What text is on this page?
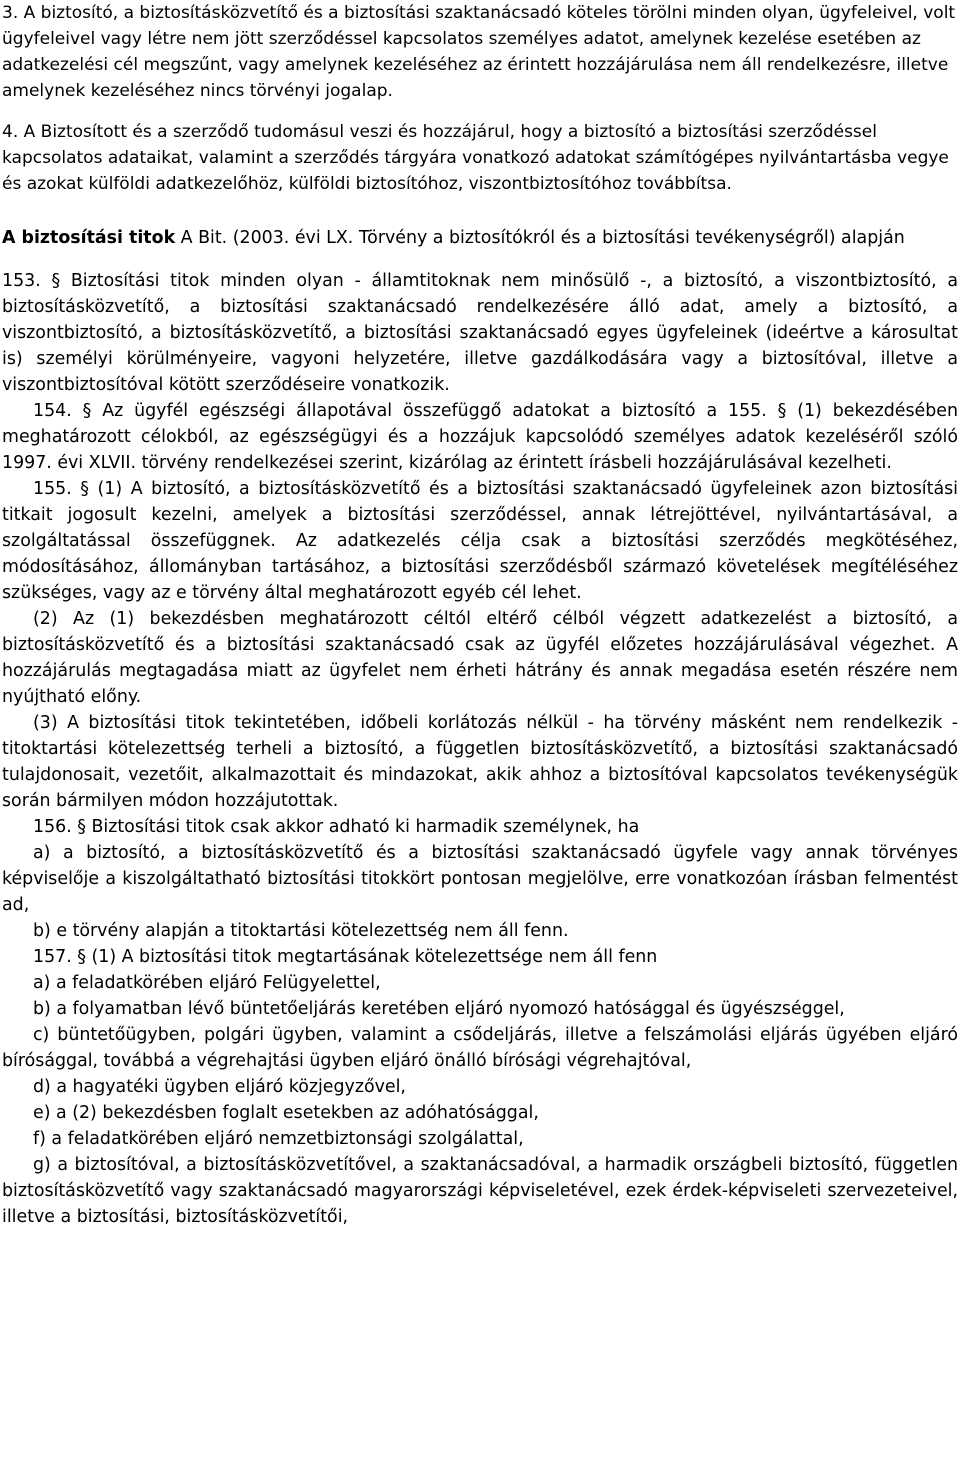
3. A biztosító, a biztosításközvetítő és a biztosítási szaktanácsadó köteles törölni minden olyan, ügyfeleivel, volt ügyfeleivel vagy létre nem jött szerződéssel kapcsolatos személyes adatot, amelynek kezelése esetében az adatkezelési cél megszűnt, vagy amelynek kezeléséhez az érintett hozzájárulása nem áll rendelkezésre, illetve amelynek kezeléséhez nincs törvényi jogalap.

4. A Biztosított és a szerződő tudomásul veszi és hozzájárul, hogy a biztosító a biztosítási szerződéssel kapcsolatos adataikat, valamint a szerződés tárgyára vonatkozó adatokat számítógépes nyilvántartásba vegye és azokat külföldi adatkezelőhöz, külföldi biztosítóhoz, viszontbiztosítóhoz továbbítsa.

A biztosítási titok A Bit. (2003. évi LX. Törvény a biztosítókról és a biztosítási tevékenységről) alapján

153. § Biztosítási titok minden olyan - államtitoknak nem minősülő -, a biztosító, a viszontbiztosító, a biztosításközvetítő, a biztosítási szaktanácsadó rendelkezésére álló adat, amely a biztosító, a viszontbiztosító, a biztosításközvetítő, a biztosítási szaktanácsadó egyes ügyfeleinek (ideértve a károsultat is) személyi körülményeire, vagyoni helyzetére, illetve gazdálkodására vagy a biztosítóval, illetve a viszontbiztosítóval kötött szerződéseire vonatkozik.

154. § Az ügyfél egészségi állapotával összefüggő adatokat a biztosító a 155. § (1) bekezdésében meghatározott célokból, az egészségügyi és a hozzájuk kapcsolódó személyes adatok kezeléséről szóló 1997. évi XLVII. törvény rendelkezései szerint, kizárólag az érintett írásbeli hozzájárulásával kezelheti.

155. § (1) A biztosító, a biztosításközvetítő és a biztosítási szaktanácsadó ügyfeleinek azon biztosítási titkait jogosult kezelni, amelyek a biztosítási szerződéssel, annak létrejöttével, nyilvántartásával, a szolgáltatással összefüggnek. Az adatkezelés célja csak a biztosítási szerződés megkötéséhez, módosításához, állományban tartásához, a biztosítási szerződésből származó követelések megítéléséhez szükséges, vagy az e törvény által meghatározott egyéb cél lehet.

(2) Az (1) bekezdésben meghatározott céltól eltérő célból végzett adatkezelést a biztosító, a biztosításközvetítő és a biztosítási szaktanácsadó csak az ügyfél előzetes hozzájárulásával végezhet. A hozzájárulás megtagadása miatt az ügyfelet nem érheti hátrány és annak megadása esetén részére nem nyújtható előny.

(3) A biztosítási titok tekintetében, időbeli korlátozás nélkül - ha törvény másként nem rendelkezik - titoktartási kötelezettség terheli a biztosító, a független biztosításközvetítő, a biztosítási szaktanácsadó tulajdonosait, vezetőit, alkalmazottait és mindazokat, akik ahhoz a biztosítóval kapcsolatos tevékenységük során bármilyen módon hozzájutottak.

156. § Biztosítási titok csak akkor adható ki harmadik személynek, ha

a) a biztosító, a biztosításközvetítő és a biztosítási szaktanácsadó ügyfele vagy annak törvényes képviselője a kiszolgáltatható biztosítási titokkört pontosan megjelölve, erre vonatkozóan írásban felmentést ad,

b) e törvény alapján a titoktartási kötelezettség nem áll fenn.

157. § (1) A biztosítási titok megtartásának kötelezettsége nem áll fenn

a) a feladatkörében eljáró Felügyelettel,

b) a folyamatban lévő büntetőeljárás keretében eljáró nyomozó hatósággal és ügyészséggel,

c) büntetőügyben, polgári ügyben, valamint a csődeljárás, illetve a felszámolási eljárás ügyében eljáró bírósággal, továbbá a végrehajtási ügyben eljáró önálló bírósági végrehajtóval,

d) a hagyatéki ügyben eljáró közjegyzővel,

e) a (2) bekezdésben foglalt esetekben az adóhatósággal,

f) a feladatkörében eljáró nemzetbiztonsági szolgálattal,

g) a biztosítóval, a biztosításközvetítővel, a szaktanácsadóval, a harmadik országbeli biztosító, független biztosításközvetítő vagy szaktanácsadó magyarországi képviseletével, ezek érdek-képviseleti szervezeteivel, illetve a biztosítási, biztosításközvetítői,
